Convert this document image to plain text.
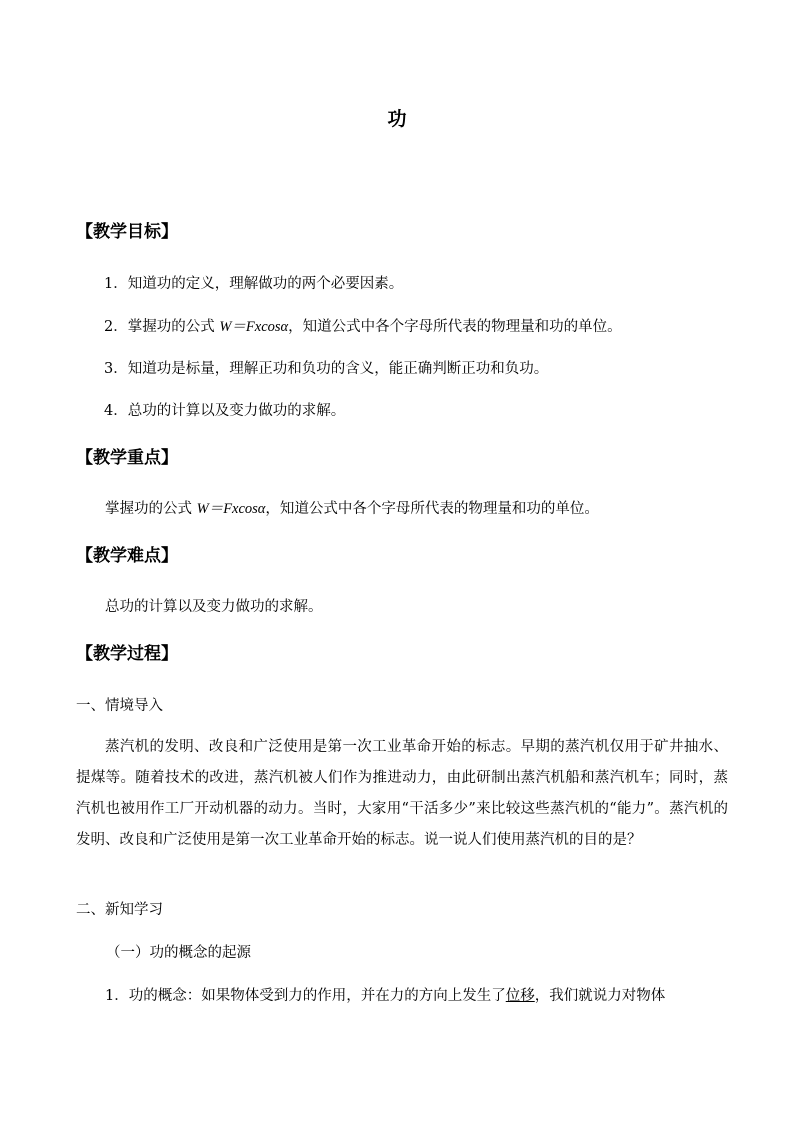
功
【教学目标】
1．知道功的定义，理解做功的两个必要因素。
2．掌握功的公式 W＝Fxcosα，知道公式中各个字母所代表的物理量和功的单位。
3．知道功是标量，理解正功和负功的含义，能正确判断正功和负功。
4．总功的计算以及变力做功的求解。
【教学重点】
掌握功的公式 W＝Fxcosα，知道公式中各个字母所代表的物理量和功的单位。
【教学难点】
总功的计算以及变力做功的求解。
【教学过程】
一、情境导入
蒸汽机的发明、改良和广泛使用是第一次工业革命开始的标志。早期的蒸汽机仅用于矿井抽水、提煤等。随着技术的改进，蒸汽机被人们作为推进动力，由此研制出蒸汽机船和蒸汽机车；同时，蒸汽机也被用作工厂开动机器的动力。当时，大家用“干活多少”来比较这些蒸汽机的“能力”。蒸汽机的发明、改良和广泛使用是第一次工业革命开始的标志。说一说人们使用蒸汽机的目的是？
二、新知学习
（一）功的概念的起源
1．功的概念：如果物体受到力的作用，并在力的方向上发生了位移，我们就说力对物体
